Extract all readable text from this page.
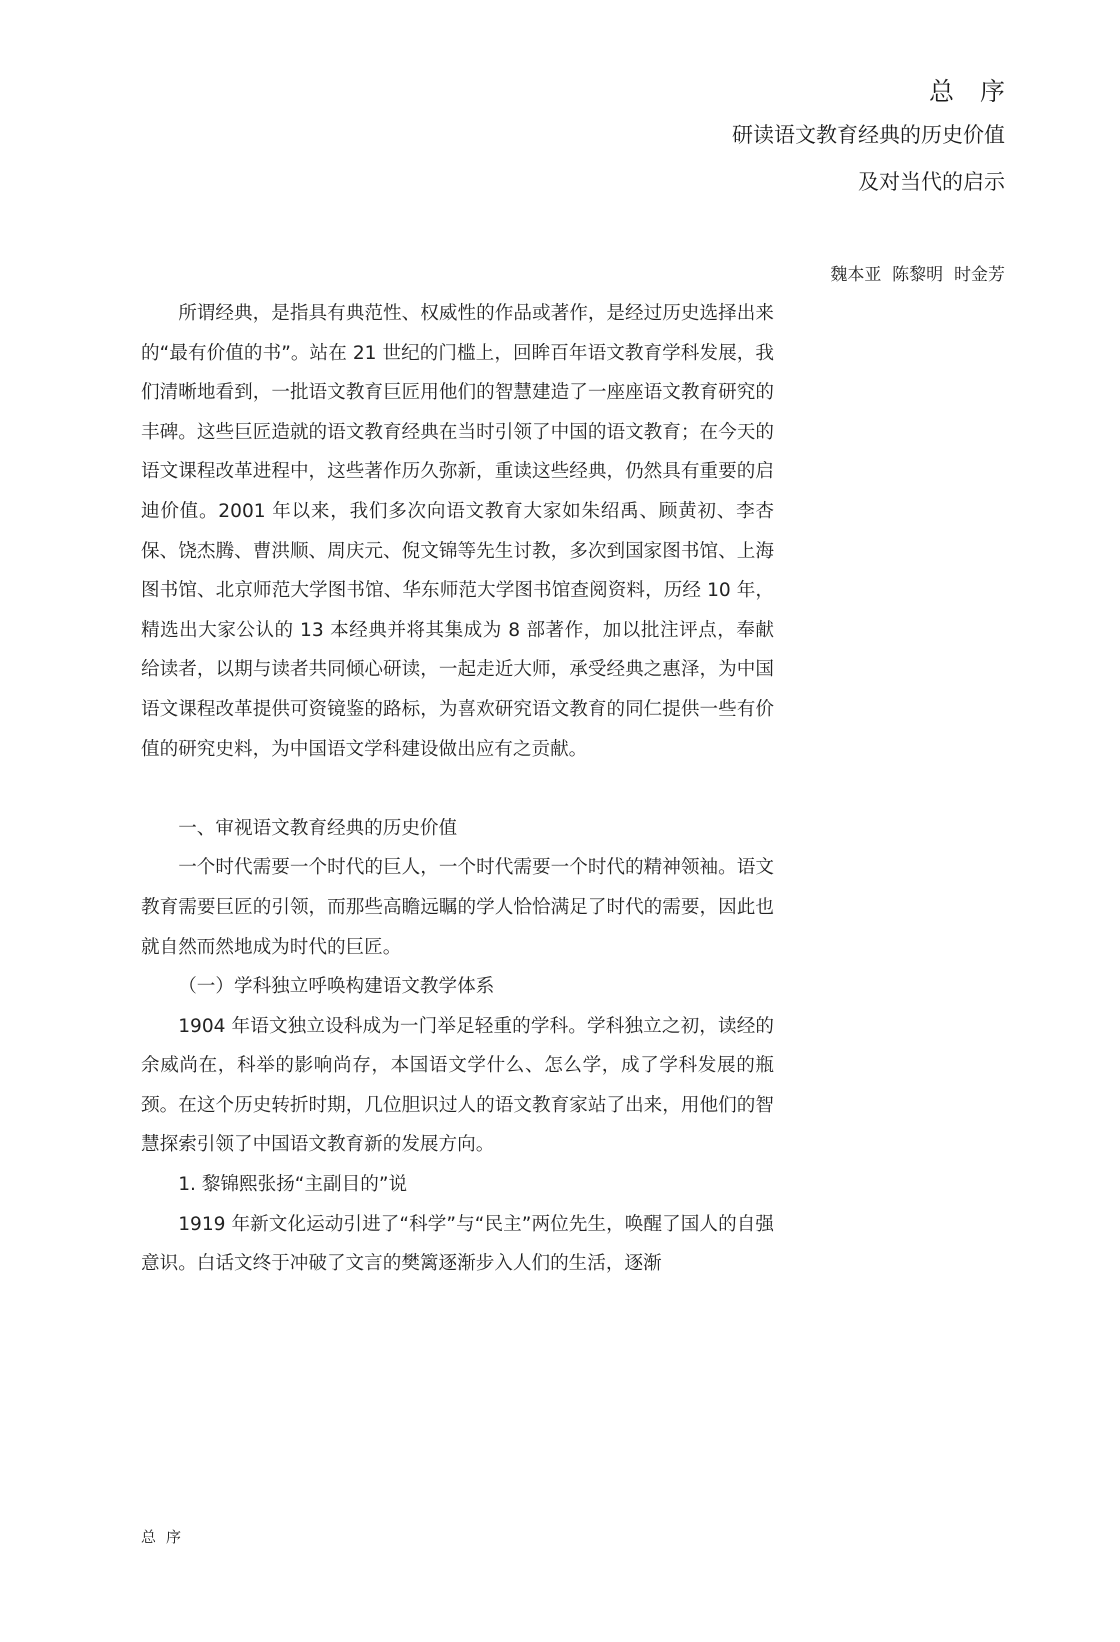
总序
研读语文教育经典的历史价值
及对当代的启示
魏本亚  陈黎明  时金芳

所谓经典，是指具有典范性、权威性的作品或著作，是经过历史选择出来的“最有价值的书”。站在 21 世纪的门槛上，回眸百年语文教育学科发展，我们清晰地看到，一批语文教育巨匠用他们的智慧建造了一座座语文教育研究的丰碑。这些巨匠造就的语文教育经典在当时引领了中国的语文教育；在今天的语文课程改革进程中，这些著作历久弥新，重读这些经典，仍然具有重要的启迪价值。2001 年以来，我们多次向语文教育大家如朱绍禹、顾黄初、李杏保、饶杰腾、曹洪顺、周庆元、倪文锦等先生讨教，多次到国家图书馆、上海图书馆、北京师范大学图书馆、华东师范大学图书馆查阅资料，历经 10 年，精选出大家公认的 13 本经典并将其集成为 8 部著作，加以批注评点，奉献给读者，以期与读者共同倾心研读，一起走近大师，承受经典之惠泽，为中国语文课程改革提供可资镜鉴的路标，为喜欢研究语文教育的同仁提供一些有价值的研究史料，为中国语文学科建设做出应有之贡献。

一、审视语文教育经典的历史价值

一个时代需要一个时代的巨人，一个时代需要一个时代的精神领袖。语文教育需要巨匠的引领，而那些高瞻远瞩的学人恰恰满足了时代的需要，因此也就自然而然地成为时代的巨匠。

（一）学科独立呼唤构建语文教学体系

1904 年语文独立设科成为一门举足轻重的学科。学科独立之初，读经的余威尚在，科举的影响尚存，本国语文学什么、怎么学，成了学科发展的瓶颈。在这个历史转折时期，几位胆识过人的语文教育家站了出来，用他们的智慧探索引领了中国语文教育新的发展方向。

1. 黎锦熙张扬“主副目的”说

1919 年新文化运动引进了“科学”与“民主”两位先生，唤醒了国人的自强意识。白话文终于冲破了文言的樊篱逐渐步入人们的生活，逐渐

总序
